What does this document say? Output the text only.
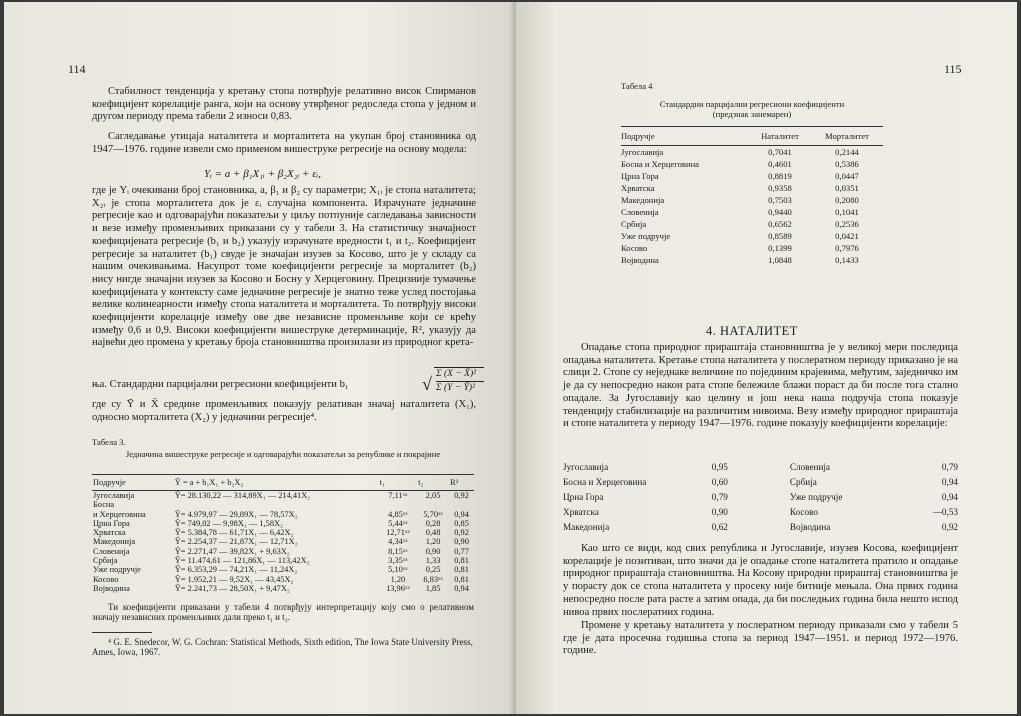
114

Стабилност тенденција у кретању стопа потврђује релативно висок Спирманов коефицијент корелације ранга, који на основу утврђеног редоследа стопа у једном и другом периоду према табели 2 износи 0,83.

Сагледавање утицаја наталитета и морталитета на укупан број становника од 1947—1976. године извели смо применом вишеструке регресије на основу модела:

Yᵢ = a + β₁X₁ᵢ + β₂X₂ᵢ + εᵢ,

где је Yᵢ очекивани број становника, a, β₁ и β₂ су параметри; X₁ᵢ је стопа наталитета; X₂ᵢ је стопа морталитета док је εᵢ случајна компонента. Израчунате једначине регресије као и одговарајући показатељи у циљу потпуније сагледавања зависности и везе између променљивих приказани су у табели 3. На статистичку значајност коефицијената регресије (b₁ и b₂) указују израчунате вредности t₁ и t₂. Коефицијент регресије за наталитет (b₁) свуде је значајан изузев за Косово, што је у складу са нашим очекивањима. Насупрот томе коефицијенти регресије за морталитет (b₂) нису нигде значајни изузев за Косово и Босну у Херцеговину. Прецизније тумачење коефицијената у контексту саме једначине регресије је знатно теже услед постојања велике колинеарности између стопа наталитета и морталитета. То потврђују високи коефицијенти корелације између ове две независне променљиве који се крећу између 0,6 и 0,9. Високи коефицијенти вишеструке детерминације, R², указују да највећи део промена у кретању броја становништва произилази из природног крета-

ња. Стандардни парцијални регресиони коефицијенти b₁	√ Σ (X − X̄)²
Σ (Y − Ȳ)²

где су Ȳ и X̄ средине променљивих показују релативан значај наталитета (X₁), односно морталитета (X₂) у једначини регресије⁴.

Табела 3.
Једначина вишеструке регресије и одговарајући показатељи за републике и покрајине
Подручје	Ŷ = a + b₁X₁ + b₂X₂	t₁	t₂	R²
Југославија	Ŷ= 28.130,22 — 314,89X₁ — 214,41X₂	7,11ˣˣ	2,05	0,92
Босна				
и Херцеговина	Ŷ= 4.979,97 — 29,89X₁ — 78,57X₂	4,85ˣˣ	5,70ˣˣ	0,94
Црна Гора	Ŷ= 749,02 — 9,98X₁ — 1,58X₂	5,44ˣˣ	0,28	0,85
Хрватска	Ŷ= 5.384,78 — 61,71X₁ — 6,42X₂	12,71ˣˣ	0,48	0,92
Македонија	Ŷ= 2.254,37 — 21,87X₁ — 12,71X₂	4,34ˣˣ	1,20	0,90
Словенија	Ŷ= 2.271,47 — 39,82X₁ + 9,63X₂	8,15ˣˣ	0,90	0,77
Србија	Ŷ= 11.474,61 — 121,86X₁ — 113,42X₂	3,35ˣˣ	1,33	0,81
Уже подручје	Ŷ= 6.353,29 — 74,21X₁ — 11,24X₂	5,10ˣˣ	0,25	0,81
Косово	Ŷ= 1.952,21 — 9,52X₁ — 43,45X₂	1,20	6,83ˣˣ	0,81
Војводина	Ŷ= 2.241,73 — 28,50X₁ + 9,47X₂	13,96ˣˣ	1,85	0,94

Ти коефицијенти приказани у табели 4 потврђују интерпретацију коју смо о релативном значају независних променљивих дали преко t₁ и t₂.

⁴ G. E. Snedecor, W. G. Cochran: Statistical Methods, Sixth edition, The Iowa State University Press, Ames, Iowa, 1967.

115
Табела 4
Стандардни парцијални регресиони коефицијенти
(предзнак занемарен)
Подручје	Наталитет	Морталитет
Југославија	0,7041	0,2144
Босна и Херцеговина	0,4601	0,5386
Црна Гора	0,8819	0,0447
Хрватска	0,9358	0,0351
Македонија	0,7503	0,2080
Словенија	0,9440	0,1041
Србија	0,6562	0,2536
Уже подручје	0,8589	0,0421
Косово	0,1399	0,7976
Војводина	1,0848	0,1433
4. НАТАЛИТЕТ

Опадање стопа природног прираштаја становништва је у великој мери последица опадања наталитета. Кретање стопа наталитета у послератном периоду приказано је на слици 2. Стопе су неједнаке величине по појединим крајевима, међутим, заједничко им је да су непосредно након рата стопе бележиле блажи пораст да би после тога стално опадале. За Југославију као целину и још нека наша подручја стопа показује тенденцију стабилизације на различитим нивоима. Везу између природног прираштаја и стопе наталитета у периоду 1947—1976. године показују коефицијенти корелације:

Југославија	0,95	Словенија	0,79
Босна и Херцеговина	0,60	Србија	0,94
Црна Гора	0,79	Уже подручје	0,94
Хрватска	0,90	Косово	—0,53
Македонија	0,62	Војводина	0,92

Као што се види, код свих република и Југославије, изузев Косова, коефицијент корелације је позитиван, што значи да је опадање стопе наталитета пратило и опадање природног прираштаја становништва. На Косову природни прираштај становништва је у порасту док се стопа наталитета у просеку није битније мењала. Она првих година непосредно после рата расте а затим опада, да би последњих година била нешто испод нивоа првих послератних година.

Промене у кретању наталитета у послератном периоду приказали смо у табели 5 где је дата просечна годишња стопа за период 1947—1951. и период 1972—1976. године.
